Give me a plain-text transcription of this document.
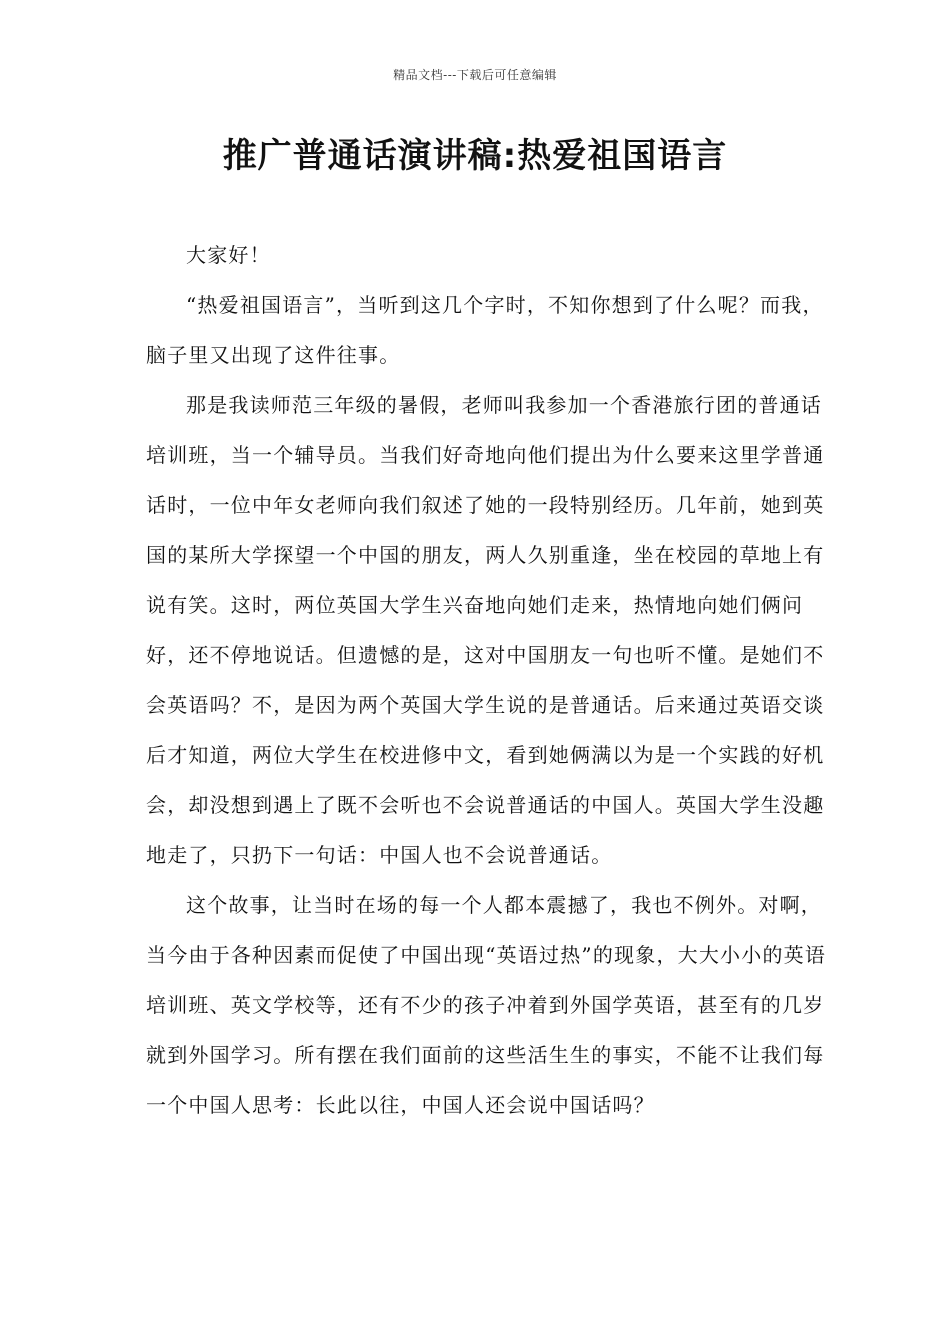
精品文档---下载后可任意编辑
推广普通话演讲稿:热爱祖国语言

大家好！

“热爱祖国语言”，当听到这几个字时，不知你想到了什么呢？而我，脑子里又出现了这件往事。

那是我读师范三年级的暑假，老师叫我参加一个香港旅行团的普通话培训班，当一个辅导员。当我们好奇地向他们提出为什么要来这里学普通话时，一位中年女老师向我们叙述了她的一段特别经历。几年前，她到英国的某所大学探望一个中国的朋友，两人久别重逢，坐在校园的草地上有说有笑。这时，两位英国大学生兴奋地向她们走来，热情地向她们俩问好，还不停地说话。但遗憾的是，这对中国朋友一句也听不懂。是她们不会英语吗？不，是因为两个英国大学生说的是普通话。后来通过英语交谈后才知道，两位大学生在校进修中文，看到她俩满以为是一个实践的好机会，却没想到遇上了既不会听也不会说普通话的中国人。英国大学生没趣地走了，只扔下一句话：中国人也不会说普通话。

这个故事，让当时在场的每一个人都本震撼了，我也不例外。对啊，当今由于各种因素而促使了中国出现“英语过热”的现象，大大小小的英语培训班、英文学校等，还有不少的孩子冲着到外国学英语，甚至有的几岁就到外国学习。所有摆在我们面前的这些活生生的事实，不能不让我们每一个中国人思考：长此以往，中国人还会说中国话吗？
